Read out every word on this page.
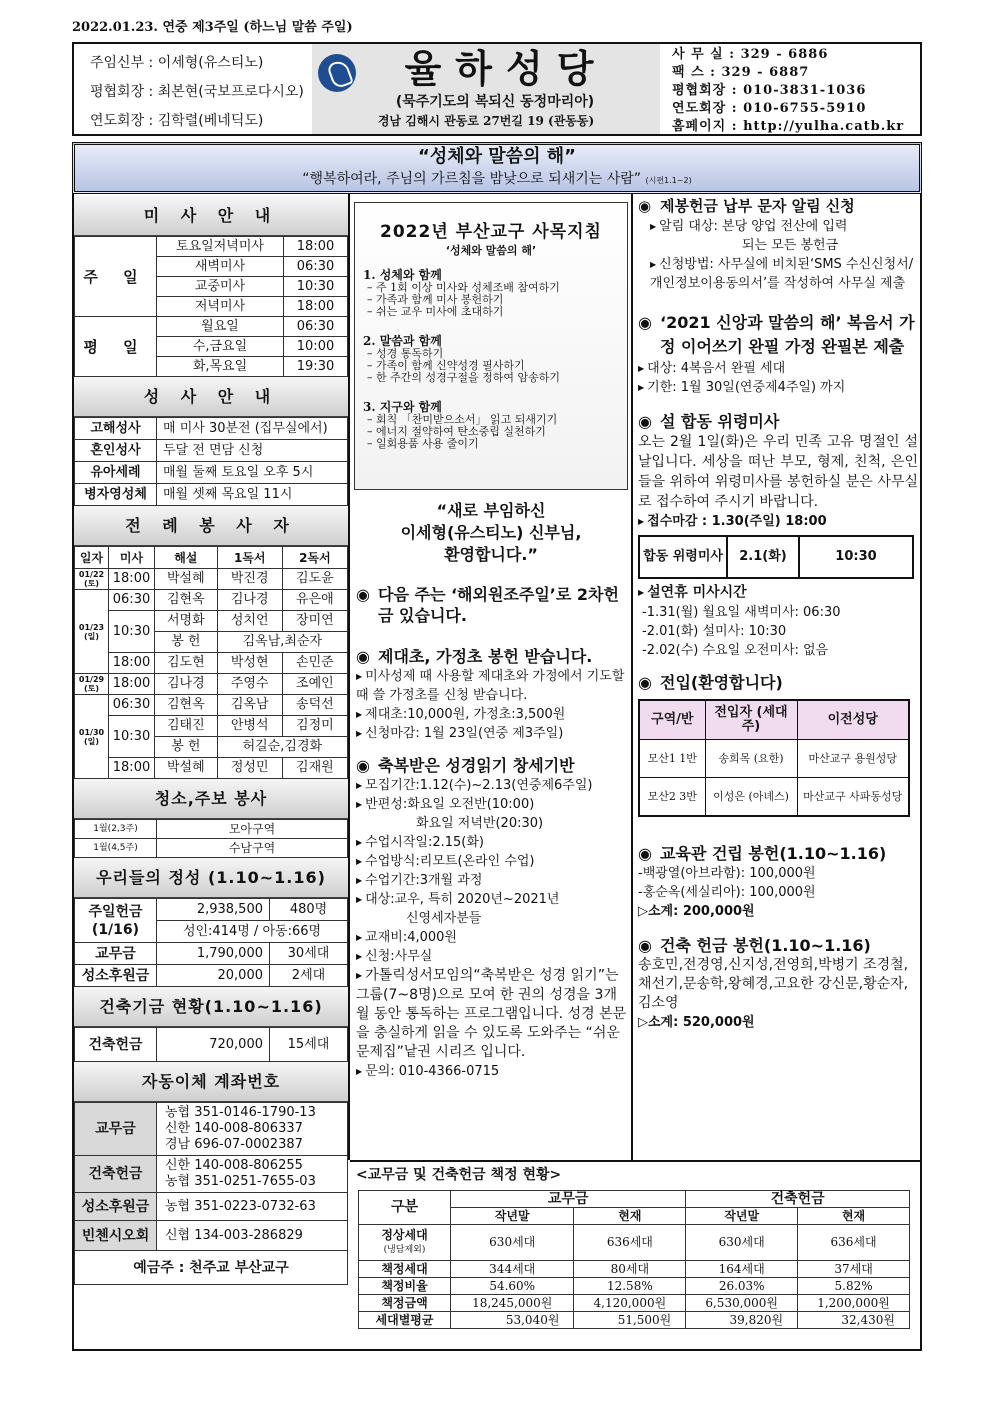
2022.01.23. 연중 제3주일 (하느님 말씀 주일)
주임신부 : 이세형(유스티노)
평협회장 : 최본현(국보프로다시오)
연도회장 : 김학렬(베네딕도)
율하성당
(묵주기도의 복되신 동정마리아)
경남 김해시 관동로 27번길 19 (관동동)
사 무 실 : 329 - 6886
팩 스 : 329 - 6887
평협회장 : 010-3831-1036
연도회장 : 010-6755-5910
홈페이지 : http://yulha.catb.kr
“성체와 말씀의 해”
“행복하여라, 주님의 가르침을 밤낮으로 되새기는 사람” (시편1.1~2)
미 사 안 내
주 일	토요일저녁미사	18:00
	새벽미사	06:30
	교중미사	10:30
	저녁미사	18:00
평 일	월요일	06:30
	수,금요일	10:00
	화,목요일	19:30
성 사 안 내
고해성사	매 미사 30분전 (집무실에서)
혼인성사	두달 전 면담 신청
유아세례	매월 둘째 토요일 오후 5시
병자영성체	매월 셋째 목요일 11시
전 례 봉 사 자
일자	미사	해설	1독서	2독서
01/22 (토)	18:00	박설혜	박진경	김도윤
01/23 (일)	06:30	김현옥	김나경	유은애
	10:30	서명화	성치언	장미연
		봉 헌	김옥남,최순자	
	18:00	김도현	박성현	손민준

01/29 (토)	18:00	김나경	주영수	조예인
01/30 (일)	06:30	김현옥	김옥남	송덕선
	10:30	김태진	안병석	김정미
		봉 헌	허길순,김경화	
	18:00	박설혜	정성민	김재원
청소,주보 봉사
1월(2,3주)	모아구역
1월(4,5주)	수남구역
우리들의 정성 (1.10~1.16)
주일헌금
(1/16)	2,938,500	480명
	성인:414명 / 아동:66명	
교무금	1,790,000	30세대
성소후원금	20,000	2세대
건축기금 현황(1.10~1.16)
건축헌금	720,000	15세대
자동이체 계좌번호
교무금	농협 351-0146-1790-13
신한 140-008-806337
경남 696-07-0002387

건축헌금	신한 140-008-806255
농협 351-0251-7655-03

성소후원금	농협 351-0223-0732-63
빈첸시오회	신협 134-003-286829
예금주 : 천주교 부산교구	
2022년 부산교구 사목지침
‘성체와 말씀의 해’
1. 성체와 함께
– 주 1회 이상 미사와 성체조배 참여하기
– 가족과 함께 미사 봉헌하기
– 쉬는 교우 미사에 초대하기
2. 말씀과 함께
– 성경 통독하기
– 가족이 함께 신약성경 필사하기
– 한 주간의 성경구절을 정하여 암송하기
3. 지구와 함께
– 회칙 「찬미받으소서」 읽고 되새기기
– 에너지 절약하여 탄소중립 실천하기
– 일회용품 사용 줄이기
“새로 부임하신
이세형(유스티노) 신부님,
환영합니다.”
◉ 다음 주는 ‘해외원조주일’로 2차헌금 있습니다.
◉ 제대초, 가정초 봉헌 받습니다.
▶ 미사성제 때 사용할 제대초와 가정에서 기도할 때 쓸 가정초를 신청 받습니다.
▶ 제대초:10,000원, 가정초:3,500원
▶ 신청마감: 1월 23일(연중 제3주일)
◉ 축복받은 성경읽기 창세기반
▶ 모집기간:1.12(수)~2.13(연중제6주일)
▶ 반편성:화요일 오전반(10:00)
화요일 저녁반(20:30)
▶ 수업시작일:2.15(화)
▶ 수업방식:리모트(온라인 수업)
▶ 수업기간:3개월 과정
▶ 대상:교우, 특히 2020년~2021년
신영세자분들
▶ 교재비:4,000원
▶ 신청:사무실
▶ 가톨릭성서모임의“축복받은 성경 읽기”는 그룹(7~8명)으로 모여 한 권의 성경을 3개월 동안 통독하는 프로그램입니다. 성경 본문을 충실하게 읽을 수 있도록 도와주는 “쉬운 문제집”낱권 시리즈 입니다.
▶ 문의: 010-4366-0715
◉ 제봉헌금 납부 문자 알림 신청
▶ 알림 대상: 본당 양업 전산에 입력
되는 모든 봉헌금
▶ 신청방법: 사무실에 비치된‘SMS 수신신청서/개인정보이용동의서’를 작성하여 사무실 제출
◉ ‘2021 신앙과 말씀의 해’ 복음서 가정 이어쓰기 완필 가정 완필본 제출
▶ 대상: 4복음서 완필 세대
▶ 기한: 1월 30일(연중제4주일) 까지
◉ 설 합동 위령미사
오는 2월 1일(화)은 우리 민족 고유 명절인 설날입니다. 세상을 떠난 부모, 형제, 친척, 은인들을 위하여 위령미사를 봉헌하실 분은 사무실로 접수하여 주시기 바랍니다.
▶ 접수마감 : 1.30(주일) 18:00
합동 위령미사	2.1(화)	10:30
▶ 설연휴 미사시간
-1.31(월) 월요일 새벽미사: 06:30
-2.01(화) 설미사: 10:30
-2.02(수) 수요일 오전미사: 없음
◉ 전입(환영합니다)
구역/반	전입자 (세대주)	이전성당
모산1 1반	송희목 (요한)	마산교구 용원성당
모산2 3반	이성은 (아녜스)	마산교구 사파동성당
◉ 교육관 건립 봉헌(1.10~1.16)
-백광열(아브라함): 100,000원
-홍순옥(세실리아): 100,000원
▷소계: 200,000원
◉ 건축 헌금 봉헌(1.10~1.16)
송호민,전경영,신지성,전영희,박병기 조경철,채선기,문송학,왕혜경,고요한 강신문,황순자,김소영
▷소계: 520,000원
<교무금 및 건축헌금 책정 현황>
구분	교무금		건축헌금	
	작년말	현재	작년말	현재
정상세대
(냉담제외)	630세대	636세대	630세대	636세대
책정세대	344세대	80세대	164세대	37세대
책정비율	54.60%	12.58%	26.03%	5.82%
책정금액	18,245,000원	4,120,000원	6,530,000원	1,200,000원
세대별평균	53,040원	51,500원	39,820원	32,430원
